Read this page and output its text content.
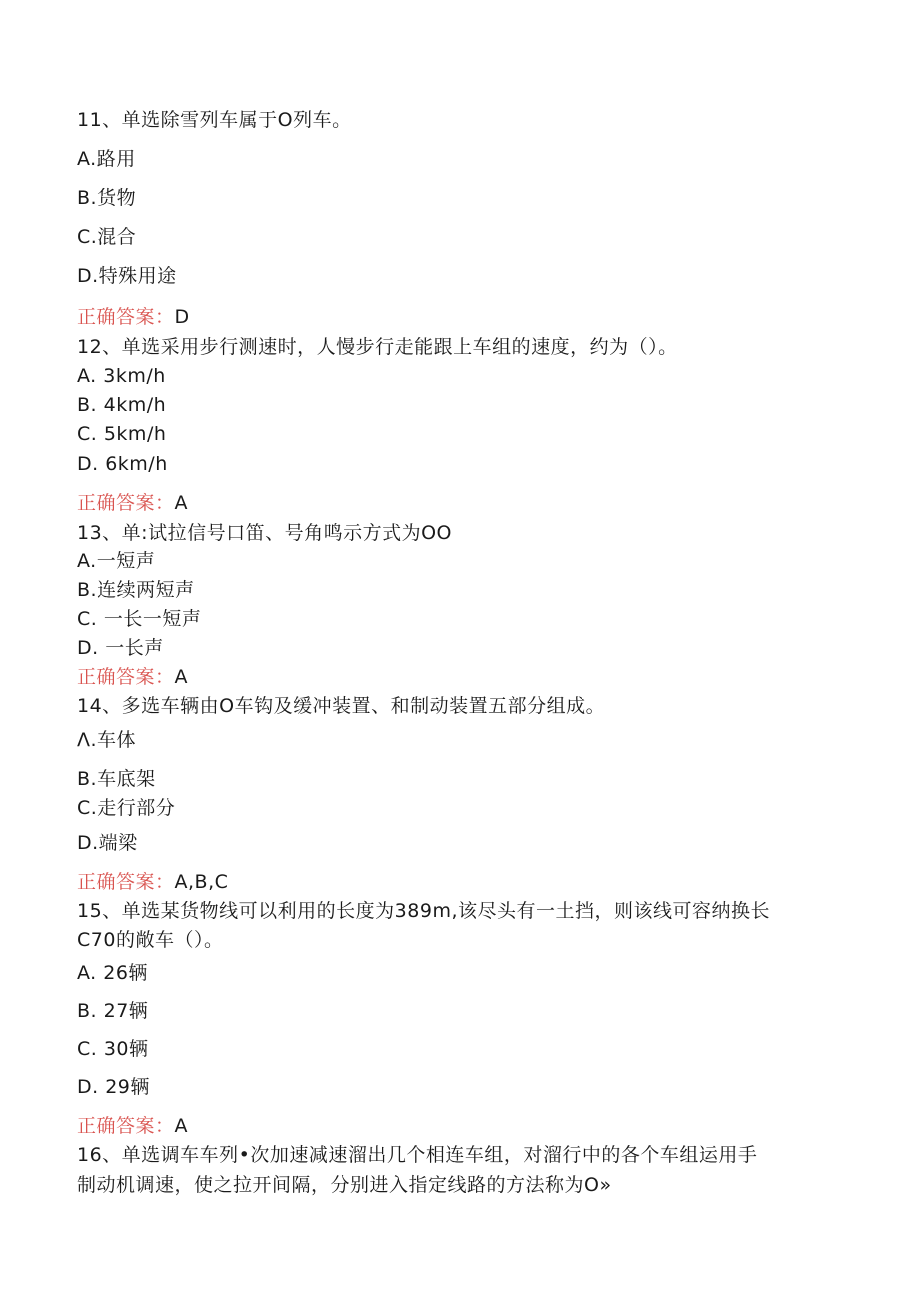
11、单选除雪列车属于O列车。
A.路用
B.货物
C.混合
D.特殊用途
正确答案：D
12、单选采用步行测速时，人慢步行走能跟上车组的速度，约为（）。
A. 3km/h
B. 4km/h
C. 5km/h
D. 6km/h
正确答案：A
13、单:试拉信号口笛、号角鸣示方式为OO
A.一短声
B.连续两短声
C. 一长一短声
D. 一长声
正确答案：A
14、多选车辆由O车钩及缓冲装置、和制动装置五部分组成。
Λ.车体
B.车底架
C.走行部分
D.端梁
正确答案：A,B,C
15、单选某货物线可以利用的长度为389m,该尽头有一土挡，则该线可容纳换长
C70的敞车（）。
A. 26辆
B. 27辆
C. 30辆
D. 29辆
正确答案：A
16、单选调车车列•次加速减速溜出几个相连车组，对溜行中的各个车组运用手
制动机调速，使之拉开间隔，分别进入指定线路的方法称为O»
